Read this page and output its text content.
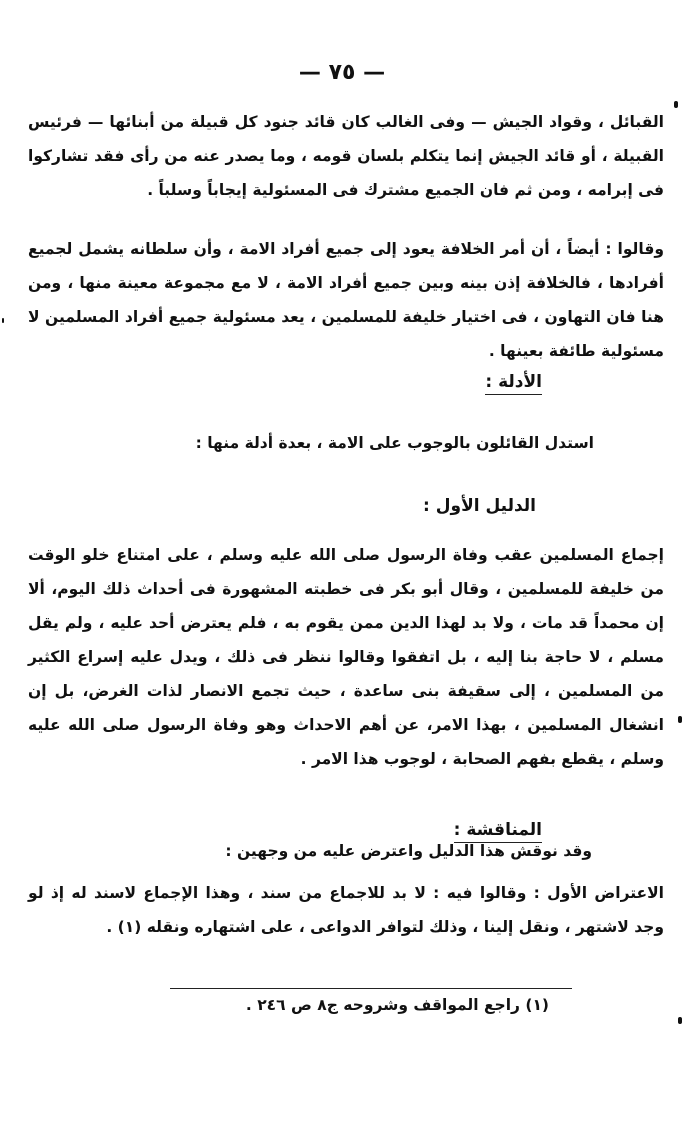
— ٧٥ —

القبائل ، وقواد الجيش — وفى الغالب كان قائد جنود كل قبيلة من أبنائها — فرئيس القبيلة ، أو قائد الجيش إنما يتكلم بلسان قومه ، وما يصدر عنه من رأى فقد تشاركوا فى إبرامه ، ومن ثم فان الجميع مشترك فى المسئولية إيجاباً وسلباً .

وقالوا : أيضاً ، أن أمر الخلافة يعود إلى جميع أفراد الامة ، وأن سلطانه يشمل لجميع أفرادها ، فالخلافة إذن بينه وبين جميع أفراد الامة ، لا مع مجموعة معينة منها ، ومن هنا فان التهاون ، فى اختيار خليفة للمسلمين ، يعد مسئولية جميع أفراد المسلمين لا مسئولية طائفة بعينها .

الأدلة :
استدل القائلون بالوجوب على الامة ، بعدة أدلة منها :
الدليل الأول :

إجماع المسلمين عقب وفاة الرسول صلى الله عليه وسلم ، على امتناع خلو الوقت من خليفة للمسلمين ، وقال أبو بكر فى خطبته المشهورة فى أحداث ذلك اليوم، ألا إن محمداً قد مات ، ولا بد لهذا الدين ممن يقوم به ، فلم يعترض أحد عليه ، ولم يقل مسلم ، لا حاجة بنا إليه ، بل اتفقوا وقالوا ننظر فى ذلك ، ويدل عليه إسراع الكثير من المسلمين ، إلى سقيفة بنى ساعدة ، حيث تجمع الانصار لذات الغرض، بل إن انشغال المسلمين ، بهذا الامر، عن أهم الاحداث وهو وفاة الرسول صلى الله عليه وسلم ، يقطع بفهم الصحابة ، لوجوب هذا الامر .

المناقشة :
وقد نوقش هذا الدليل واعترض عليه من وجهين :

الاعتراض الأول : وقالوا فيه : لا بد للاجماع من سند ، وهذا الإجماع لاسند له إذ لو وجد لاشتهر ، ونقل إلينا ، وذلك لتوافر الدواعى ، على اشتهاره ونقله (١) .

(١) راجع المواقف وشروحه ج٨ ص ٢٤٦ .
